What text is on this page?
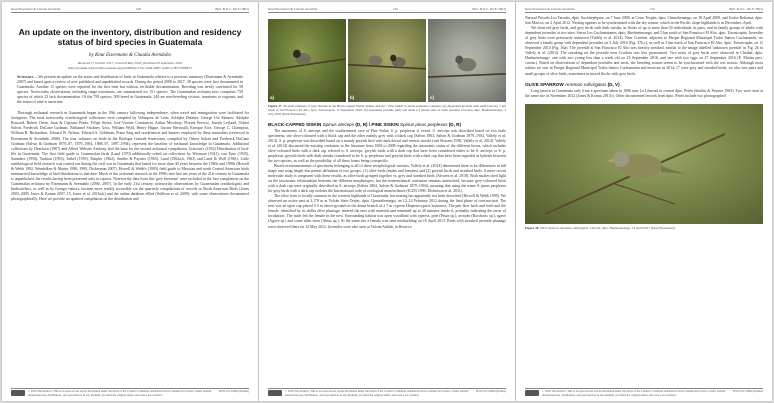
Knut Eisermann & Claudia Avendaño	148	Bull. B.O.C. 2018 138(3)
An update on the inventory, distribution and residency status of bird species in Guatemala
by Knut Eisermann & Claudia Avendaño
Received 17 October 2017; revised 8 May 2018; published 28 September 2018
http://zoobank.org/urn:lsid:zoobank.org:pub:8D0ACC5A-3A86-4D87-A4D5-C3877256B673
Summary.—We present an update on the status and distribution of birds in Guatemala relative to a previous summary (Eisermann & Avendaño 2007) and based upon a review of new published and unpublished records. During the period 2006 to 2017, 38 species were first documented in Guatemala. Another 11 species were reported for the first time but without verifiable documentation. Breeding was newly confirmed for 58 species. Noteworthy observations, including range extensions, are summarised for 151 species. The Guatemalan avifauna now comprises 758 species of which 23 lack documentation. Of the 758 species, 509 breed in Guatemala, 240 are non-breeding visitors, transients or vagrants, and the status of nine is uncertain.

Thorough avifaunal research in Guatemala began in the 19th century following independence, when travel and immigration were facilitated for foreigners. The most noteworthy ornithological collections were compiled by Velásquez de León, Adolphe Delattre, George Ure Skinner, Adolphe Boucard, Robert Owen, Juan & Cipriano Prado, Felipe Sierra, José Vicente Constancia, Arthur Mowbray, Florent Prevost, Joseph Leyland, Osbert Salvin, Frederick DuCane Godman, Nathaniel Stickney Goss, William Wyld, Henry Hague, Gustav Bernoulli, Enrique Arce, George C. Champion, William B. Richardson, Edward W. Nelson, Edward A. Goldman, Franz Sarg and taxidermists and hunters employed by these naturalists (reviewed in Eisermann & Avendaño 2006). The four volumes on birds in the Biologia Centrali-Americana, compiled by Osbert Salvin and Frederick DuCane Godman (Salvin & Godman 1879–87, 1879–1904, 1888–97, 1897–1904), represent the baseline of avifaunal knowledge in Guatemala. Additional collections by Dearborn (1907) and Alfred Webster Anthony laid the base for the second avifaunal compilation, Griscom's (1932) Distribution of bird-life in Guatemala. The first field guide to Guatemalan birds (Land 1970) additionally relied on collections by Wetmore (1941), van Tyne (1935), Saunders (1950), Tashian (1953), Taibel (1955), Baepler (1962), Smithe & Paynter (1963), Land (1962a,b, 1963) and Land & Wolf (1961). Little ornithological field research was carried out during the civil war in Guatemala that lasted for more than 30 years between the 1960s and 1990s (Howell & Webb 1992, Wendelken & Martin 1986, 1989, Dickerman 2007). Howell & Webb's (1995) field guide to Mexican and north Central American birds summarised knowledge of bird distribution to that date. Much of the avifaunal research in the 1990s and first ten years of the 21st century in Guatemala is unpublished, the results having been presented only in reports. Noteworthy data from this 'grey literature' were included in the first compilation on the Guatemalan avifauna by Eisermann & Avendaño (2006, 2007). In the early 21st century, noteworthy observations by Guatemalan ornithologists and birdwatchers, as well as by foreign visitors, became more readily accessible via the quarterly compilations of records in North American Birds (Jones 2003–2009, Jones & Komar 2007–15, Jones et al. 2016a,b) and the online database eBird (Sullivan et al. 2009), with some observations documented photographically. Here we provide an updated compilation on the distribution and

© 2018 The Authors; This is an open-access article distributed under the terms of the Creative Commons Attribution Non-Commercial Licence, which permits unrestricted use, distribution, and reproduction in any medium, provided the original author and source are credited.
ISSN-2513-9894 (Online)
Knut Eisermann & Claudia Avendaño	149	Bull. B.O.C. 2018 138(3)
a)	b)	c)
Figure 37. Juvenile plumage of grey morphs in the Black-capped Siskin Spinus atriceps / Pine Siskin S. pinus perplexus complex: (a) dependent juvenile with adult (above), 5 km north of San Francisco El Alto, dpto. Totonicapán, 11 September 2016; (b) dependent juvenile (left) and adult, (c) lateral view of same juvenile, Cruchen, dpto. Huehuetenango, 3 July 2016 (Knut Eisermann)
BLACK-CAPPED SISKIN Spinus atriceps (D, R) / PINE SISKIN Spinus pinus perplexus (D, R)

The taxonomy of S. atriceps and the southernmost race of Pine Siskin S. p. perplexus is vexed. S. atriceps was described based on two male specimens, one olive-coloured with a black cap and the other mainly grey with a black cap (Salvin 1863, Salvin & Godman 1879–1904, Vallely et al. 2014). S. p. perplexus was described based on a mainly greyish bird with dark dorsal and ventral streaks (van Rossem 1938, Vallely et al. 2014). Vallely et al. (2014) discussed the existing confusion in the literature from 1863 to 2008 regarding the taxonomic status of the different forms, which includes olive-coloured birds with a dark cap referred to S. atriceps, greyish birds with a dark cap that have been considered either to be S. atriceps or S. p. perplexus, greyish birds with dark streaks considered to be S. p. perplexus and greyish birds with a dark cap that have been regarded as hybrids between the two species, as well as the possibility of all these forms being conspecific.

Based on measurements of specimens belonging to all of these morphological variants, Vallely et al. (2014) determined there to be differences in bill shape and wing length that permit definition of two groups: (1) olive birds (males and females) and (2) greyish birds and streaked birds. A more recent molecular study is congruent with these results, as olive birds grouped together vs. grey and streaked birds (Álvarez et al. 2018). Both studies shed light on the taxonomic relationships between the different morphotypes, but the nomenclatural confusion remains unresolved, because grey-coloured birds with a dark cap were originally described as S. atriceps (Salvin 1863, Salvin & Godman 1879–1904), meaning that using the name S. pinus perplexus for grey birds with a dark cap violates the International code of zoological nomenclature (ICZN 1999, Dickinson et al. 2011).

The olive form is locally common in the western highlands of Guatemala, but nesting has apparently not been described (Howell & Webb 1995). We observed an active nest at 3,170 m at Volcán Siete Orejas, dpto. Quetzaltenango, on 12–14 February 2012 during the final phase of construction. The nest was an open cup placed 5.5 m above ground on the dense branch of a 7 m cypress Hesperocyparis lusitanica. The pair flew back and forth and the female, identified by its duller olive plumage, entered the nest with material and remained up to 20 minutes inside it, probably indicating the onset of incubation. The male fed the female in the nest. Surrounding habitat was open woodland with cypress, pine (Pinus sp.), arrayán (Baccharis sp.), agave (Agave sp.) and some alder trees (Alnus sp.). At the same site a female was seen nestbuilding on 16 April 2013. Birds with streaked juvenile plumage were observed there on 14 May 2012. Juveniles were also seen at Volcán Atitlán, in Reserva

© 2018 The Authors; This is an open-access article distributed under the terms of the Creative Commons Attribution Non-Commercial Licence, which permits unrestricted use, distribution, and reproduction in any medium, provided the original author and source are credited.
ISSN-2513-9894 (Online)
Knut Eisermann & Claudia Avendaño	150	Bull. B.O.C. 2018 138(3)

Natural Privada Los Tarrales, dpto. Suchitepéquez, on 7 June 2008, at Cerro Tecpán, dpto. Chimaltenango, on 18 April 2009, and Unión Reforma, dpto. San Marcos, on 2 April 2012. Nesting appears to be synchronised with the dry season, which in the Pacific slope highlands is in December–April.

We observed grey birds, and grey birds with dark streaks, in flocks of up to more than 50 individuals, in pairs, and in family groups of adults with dependent juveniles at two sites: Sierra Los Cuchumatanes, dpto. Huehuetenango, and 5 km north of San Francisco El Alto, dpto. Totonicapán. Juveniles of grey birds were previously unknown (Vallely et al. 2014). Near Cruchen, adjacent to Parque Regional Municipal Todos Santos Cuchumatán, we observed a family group with dependent juveniles on 3 July 2016 (Fig. 37b,c), as well as 5 km north of San Francisco El Alto, dpto. Totonicapán, on 11 September 2014 (Fig. 36a). The juvenile at San Francisco El Alto was heavily streaked, similar to the image labelled 'unknown juvenile' in Fig. 2b in Vallely et al. (2014). The streaking on the juvenile near Cruchen was less pronounced. Two nests of grey birds were observed in Chiabal, dpto. Huehuetenango: one with two young less than a week old on 23 September 2016, and one with two eggs on 27 September 2016 (E. Matías pers. comm.). Based on observations of dependent juveniles and nests, the breeding season seems to be synchronised with the wet season. Although most siskins we saw in Parque Regional Municipal Todos Santos Cuchumatán and environs in 2014–17 were grey and streaked birds, we also saw pairs and small groups of olive birds, sometimes in mixed flocks with grey birds.

OLIVE SPARROW Arremon rufivirgatus (D, V)

Long known in Guatemala only from a specimen taken in 1896 near La Libertad in central dpto. Petén (Smithe & Paynter 1963). Two were seen at the same site in November 2012 (Jones & Komar 2013c). Other documented records from dpto. Petén include two photographed

Figure 38. Olive Sparrow Arremon rufivirgatus, Chacalá, dpto. Huehuetenango, 13 April 2017 (Knut Eisermann)
© 2018 The Authors; This is an open-access article distributed under the terms of the Creative Commons Attribution Non-Commercial Licence, which permits unrestricted use, distribution, and reproduction in any medium, provided the original author and source are credited.
ISSN-2513-9894 (Online)
